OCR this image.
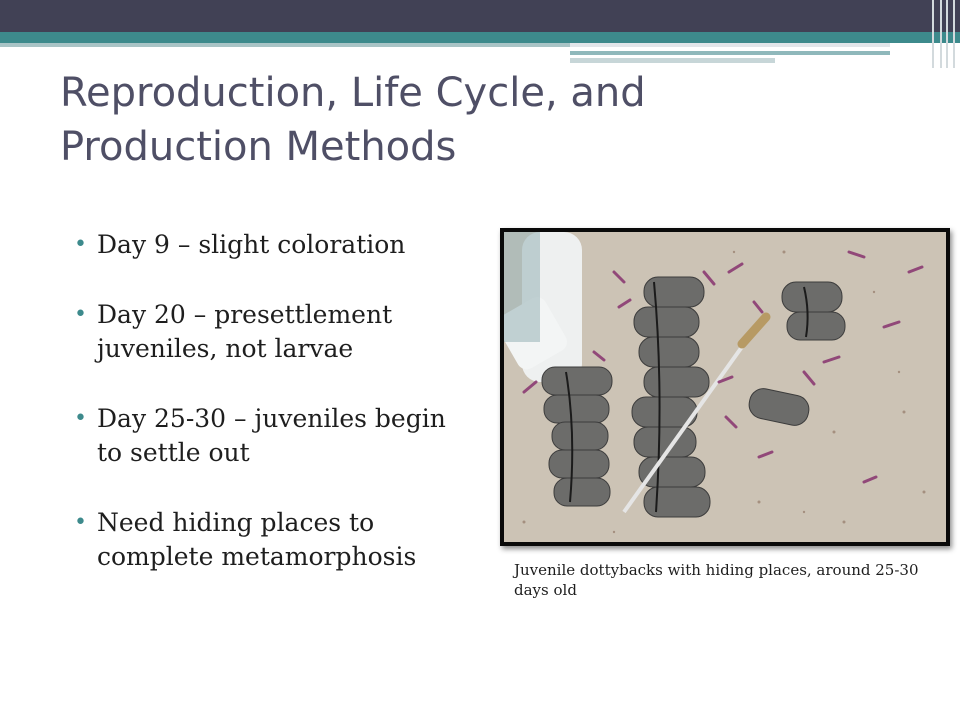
Reproduction, Life Cycle, and Production Methods
• Day 9 – slight coloration
• Day 20 – presettlement juveniles, not larvae
• Day 25-30 – juveniles begin to settle out
• Need hiding places to complete metamorphosis	Juvenile dottybacks with hiding places, around 25-30 days old
